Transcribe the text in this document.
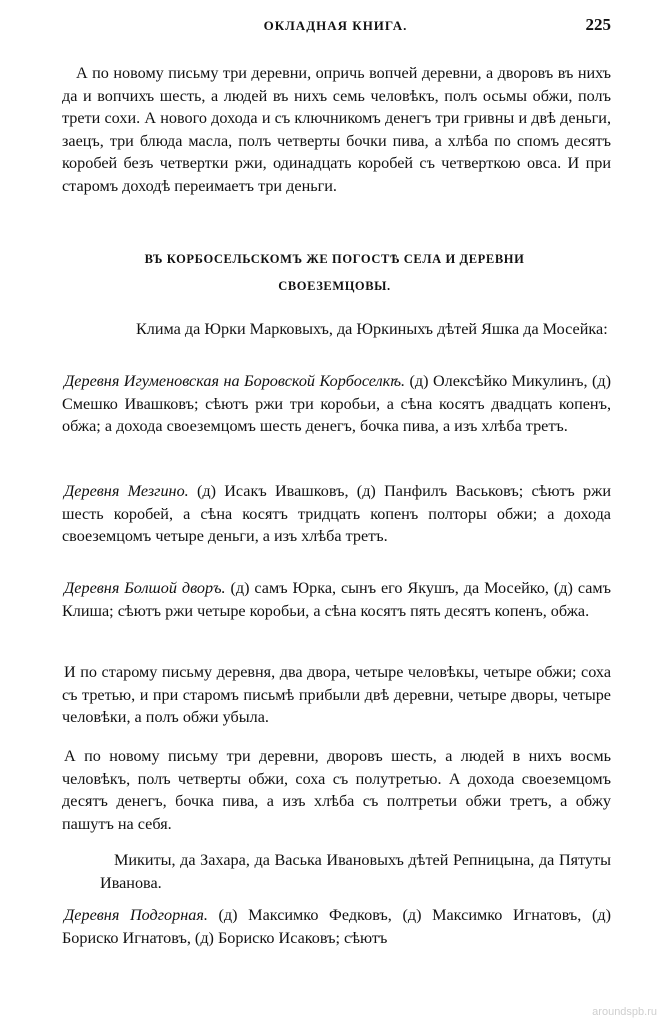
ОКЛАДНАЯ КНИГА.	225

А по новому письму три деревни, опричь вопчей деревни, а дворовъ въ нихъ да и вопчихъ шесть, а людей въ нихъ семь человѣкъ, полъ осьмы обжи, полъ трети сохи. А нового дохода и съ ключникомъ денегъ три гривны и двѣ деньги, заецъ, три блюда масла, полъ четверты бочки пива, а хлѣба по спомъ десятъ коробей безъ четвертки ржи, одинадцать коробей съ четверткою овса. И при старомъ доходѣ переимаетъ три деньги.

ВЪ КОРБОСЕЛЬСКОМЪ ЖЕ ПОГОСТѢ СЕЛА И ДЕРЕВНИ
СВОЕЗЕМЦОВЫ.

Клима да Юрки Марковыхъ, да Юркиныхъ дѣтей Яшка да Мосейка:

Деревня Игуменовская на Боровской Корбоселкѣ. (д) Олексѣйко Микулинъ, (д) Смешко Ивашковъ; сѣютъ ржи три коробьи, а сѣна косятъ двадцать копенъ, обжа; а дохода своеземцомъ шесть денегъ, бочка пива, а изъ хлѣба третъ.

Деревня Мезгино. (д) Исакъ Ивашковъ, (д) Панфилъ Васьковъ; сѣютъ ржи шесть коробей, а сѣна косятъ тридцать копенъ полторы обжи; а дохода своеземцомъ четыре деньги, а изъ хлѣба третъ.

Деревня Болшой дворъ. (д) самъ Юрка, сынъ его Якушъ, да Мосейко, (д) самъ Клиша; сѣютъ ржи четыре коробьи, а сѣна косятъ пять десятъ копенъ, обжа.

И по старому письму деревня, два двора, четыре человѣкы, четыре обжи; соха съ третью, и при старомъ письмѣ прибыли двѣ деревни, четыре дворы, четыре человѣки, а полъ обжи убыла.

А по новому письму три деревни, дворовъ шесть, а людей в нихъ восмь человѣкъ, полъ четверты обжи, соха съ полутретью. А дохода своеземцомъ десятъ денегъ, бочка пива, а изъ хлѣба съ полтретьи обжи третъ, а обжу пашутъ на себя.

Микиты, да Захара, да Васька Ивановыхъ дѣтей Репницына, да Пятуты Иванова.

Деревня Подгорная. (д) Максимко Федковъ, (д) Максимко Игнатовъ, (д) Бориско Игнатовъ, (д) Бориско Исаковъ; сѣютъ

aroundspb.ru
